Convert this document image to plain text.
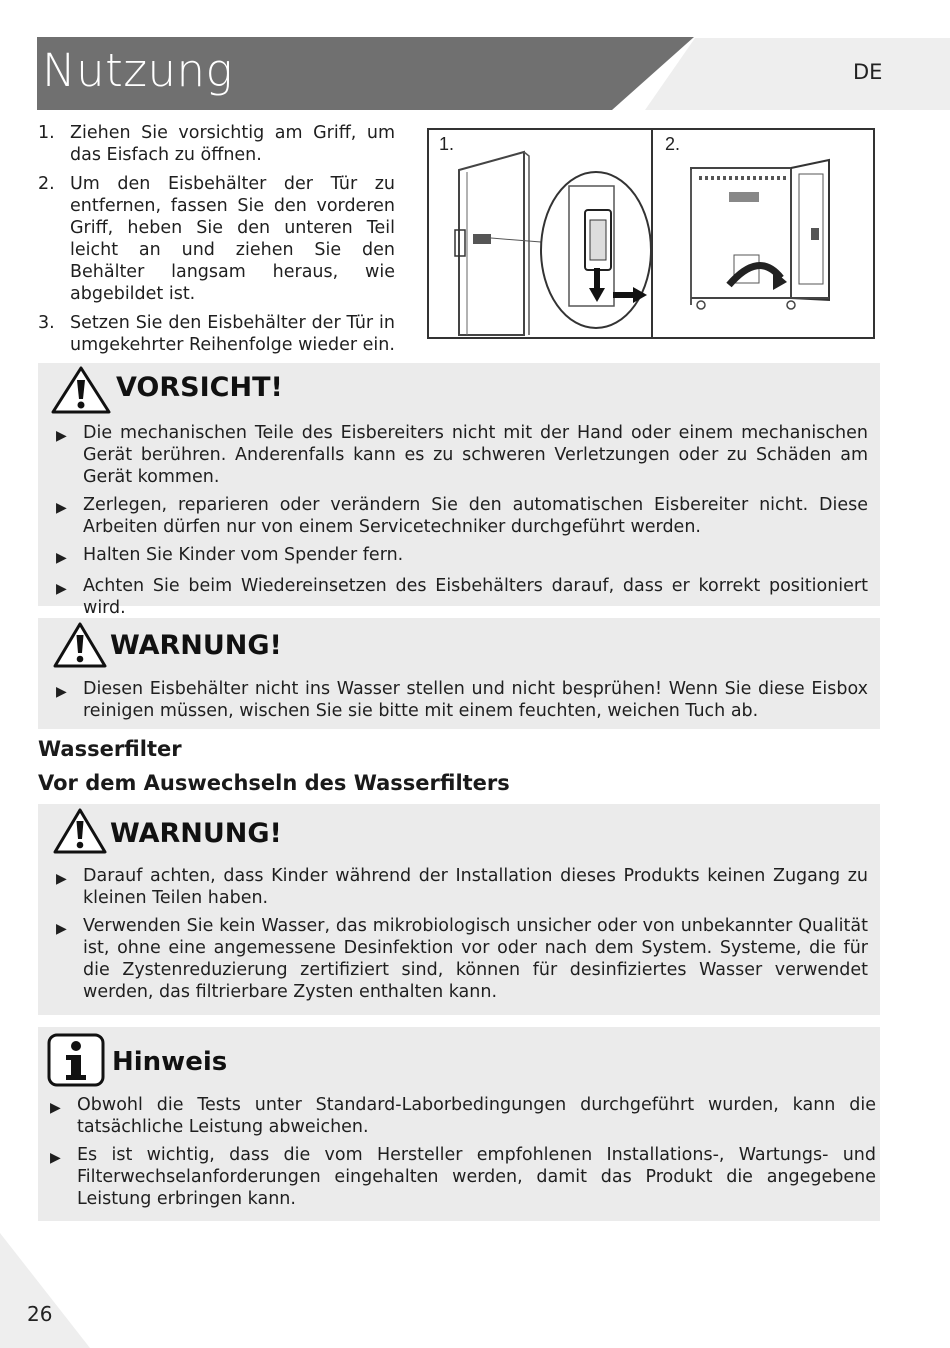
Nutzung	DE
1. Ziehen Sie vorsichtig am Griff, um das Eisfach zu öffnen.
2. Um den Eisbehälter der Tür zu entfernen, fassen Sie den vorderen Griff, heben Sie den unteren Teil leicht an und ziehen Sie den Behälter langsam heraus, wie abgebildet ist.
3. Setzen Sie den Eisbehälter der Tür in umgekehrter Reihenfolge wieder ein.
1.	2.
VORSICHT!
▶ Die mechanischen Teile des Eisbereiters nicht mit der Hand oder einem mechanischen Gerät berühren. Anderenfalls kann es zu schweren Verletzungen oder zu Schäden am Gerät kommen.
▶ Zerlegen, reparieren oder verändern Sie den automatischen Eisbereiter nicht. Diese Arbeiten dürfen nur von einem Servicetechniker durchgeführt werden.
▶ Halten Sie Kinder vom Spender fern.
▶ Achten Sie beim Wiedereinsetzen des Eisbehälters darauf, dass er korrekt positioniert wird.
WARNUNG!
▶ Diesen Eisbehälter nicht ins Wasser stellen und nicht besprühen! Wenn Sie diese Eisbox reinigen müssen, wischen Sie sie bitte mit einem feuchten, weichen Tuch ab.
Wasserfilter
Vor dem Auswechseln des Wasserfilters
WARNUNG!
▶ Darauf achten, dass Kinder während der Installation dieses Produkts keinen Zugang zu kleinen Teilen haben.
▶ Verwenden Sie kein Wasser, das mikrobiologisch unsicher oder von unbekannter Qualität ist, ohne eine angemessene Desinfektion vor oder nach dem System. Systeme, die für die Zystenreduzierung zertifiziert sind, können für desinfiziertes Wasser verwendet werden, das filtrierbare Zysten enthalten kann.
Hinweis
▶ Obwohl die Tests unter Standard-Laborbedingungen durchgeführt wurden, kann die tatsächliche Leistung abweichen.
▶ Es ist wichtig, dass die vom Hersteller empfohlenen Installations-, Wartungs- und Filterwechselanforderungen eingehalten werden, damit das Produkt die angegebene Leistung erbringen kann.
26
